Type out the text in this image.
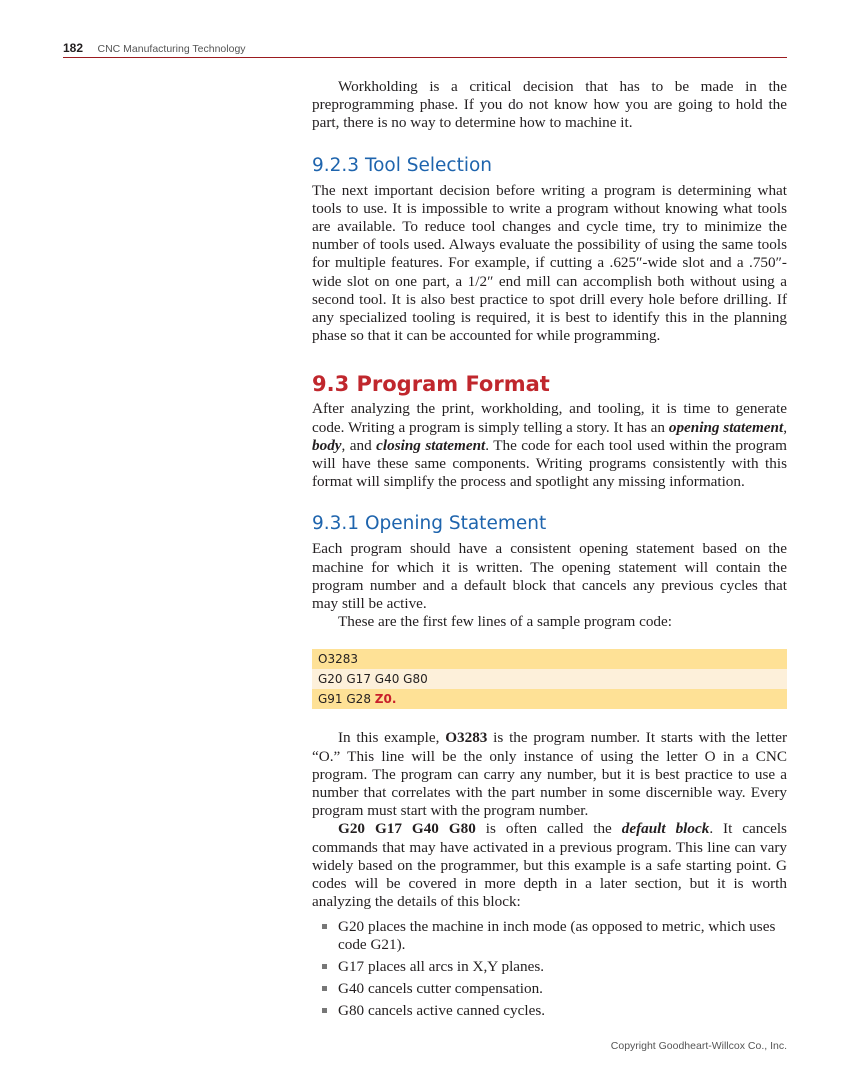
182 CNC Manufacturing Technology

Workholding is a critical decision that has to be made in the preprogramming phase. If you do not know how you are going to hold the part, there is no way to determine how to machine it.

9.2.3 Tool Selection

The next important decision before writing a program is determining what tools to use. It is impossible to write a program without knowing what tools are available. To reduce tool changes and cycle time, try to minimize the number of tools used. Always evaluate the possibility of using the same tools for multiple features. For example, if cutting a .625″-wide slot and a .750″-wide slot on one part, a 1/2″ end mill can accomplish both without using a second tool. It is also best practice to spot drill every hole before drilling. If any specialized tooling is required, it is best to identify this in the planning phase so that it can be accounted for while programming.

9.3 Program Format

After analyzing the print, workholding, and tooling, it is time to generate code. Writing a program is simply telling a story. It has an opening statement, body, and closing statement. The code for each tool used within the program will have these same components. Writing programs consistently with this format will simplify the process and spotlight any missing information.

9.3.1 Opening Statement

Each program should have a consistent opening statement based on the machine for which it is written. The opening statement will contain the program number and a default block that cancels any previous cycles that may still be active.

These are the first few lines of a sample program code:

O3283
G20 G17 G40 G80
G91 G28 Z0.

In this example, O3283 is the program number. It starts with the letter “O.” This line will be the only instance of using the letter O in a CNC program. The program can carry any number, but it is best practice to use a number that correlates with the part number in some discernible way. Every program must start with the program number.

G20 G17 G40 G80 is often called the default block. It cancels commands that may have activated in a previous program. This line can vary widely based on the programmer, but this example is a safe starting point. G codes will be covered in more depth in a later section, but it is worth analyzing the details of this block:

G20 places the machine in inch mode (as opposed to metric, which uses code G21).
G17 places all arcs in X,Y planes.
G40 cancels cutter compensation.
G80 cancels active canned cycles.
Copyright Goodheart-Willcox Co., Inc.
